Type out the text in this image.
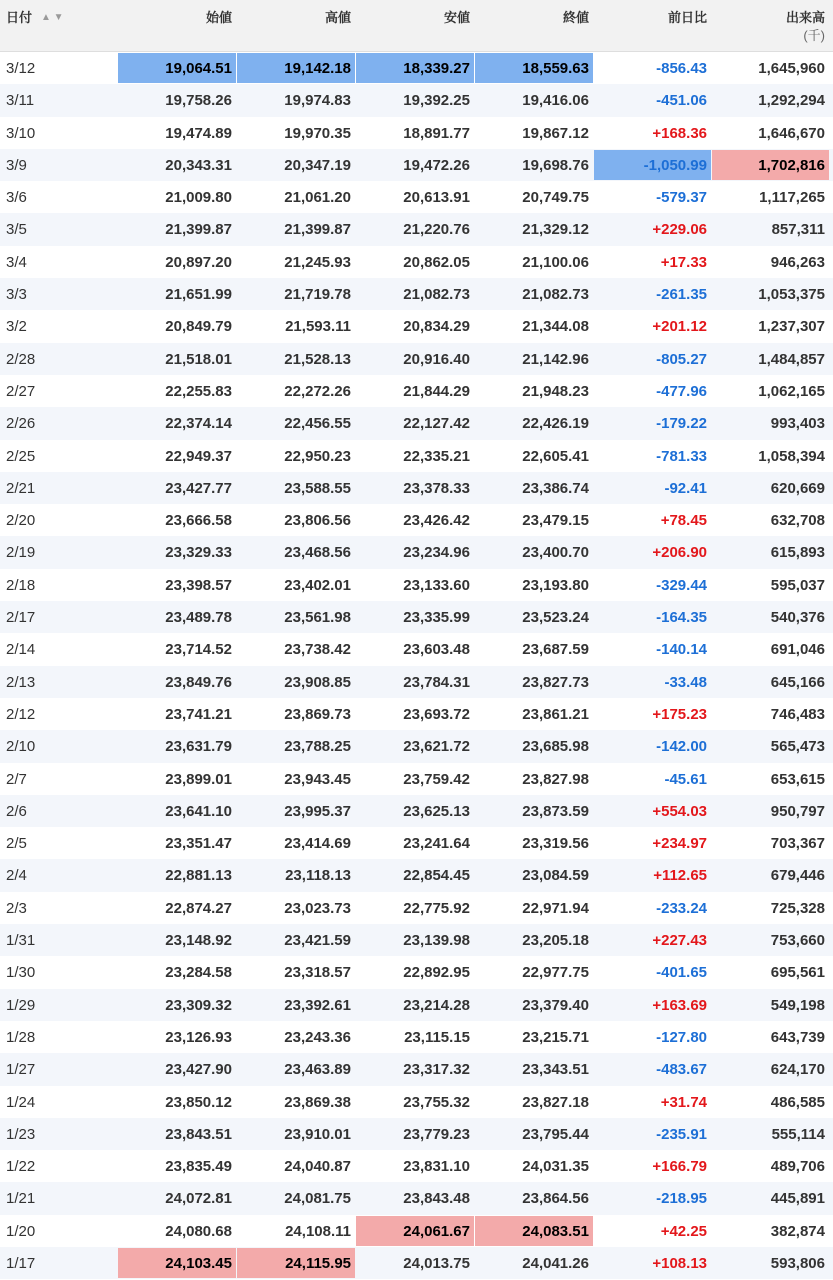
日付 ▲ ▼	始値	高値	安値	終値	前日比	出来高
(千)
3/12	19,064.51	19,142.18	18,339.27	18,559.63	-856.43	1,645,960
3/11	19,758.26	19,974.83	19,392.25	19,416.06	-451.06	1,292,294
3/10	19,474.89	19,970.35	18,891.77	19,867.12	+168.36	1,646,670
3/9	20,343.31	20,347.19	19,472.26	19,698.76	-1,050.99	1,702,816
3/6	21,009.80	21,061.20	20,613.91	20,749.75	-579.37	1,117,265
3/5	21,399.87	21,399.87	21,220.76	21,329.12	+229.06	857,311
3/4	20,897.20	21,245.93	20,862.05	21,100.06	+17.33	946,263
3/3	21,651.99	21,719.78	21,082.73	21,082.73	-261.35	1,053,375
3/2	20,849.79	21,593.11	20,834.29	21,344.08	+201.12	1,237,307
2/28	21,518.01	21,528.13	20,916.40	21,142.96	-805.27	1,484,857
2/27	22,255.83	22,272.26	21,844.29	21,948.23	-477.96	1,062,165
2/26	22,374.14	22,456.55	22,127.42	22,426.19	-179.22	993,403
2/25	22,949.37	22,950.23	22,335.21	22,605.41	-781.33	1,058,394
2/21	23,427.77	23,588.55	23,378.33	23,386.74	-92.41	620,669
2/20	23,666.58	23,806.56	23,426.42	23,479.15	+78.45	632,708
2/19	23,329.33	23,468.56	23,234.96	23,400.70	+206.90	615,893
2/18	23,398.57	23,402.01	23,133.60	23,193.80	-329.44	595,037
2/17	23,489.78	23,561.98	23,335.99	23,523.24	-164.35	540,376
2/14	23,714.52	23,738.42	23,603.48	23,687.59	-140.14	691,046
2/13	23,849.76	23,908.85	23,784.31	23,827.73	-33.48	645,166
2/12	23,741.21	23,869.73	23,693.72	23,861.21	+175.23	746,483
2/10	23,631.79	23,788.25	23,621.72	23,685.98	-142.00	565,473
2/7	23,899.01	23,943.45	23,759.42	23,827.98	-45.61	653,615
2/6	23,641.10	23,995.37	23,625.13	23,873.59	+554.03	950,797
2/5	23,351.47	23,414.69	23,241.64	23,319.56	+234.97	703,367
2/4	22,881.13	23,118.13	22,854.45	23,084.59	+112.65	679,446
2/3	22,874.27	23,023.73	22,775.92	22,971.94	-233.24	725,328
1/31	23,148.92	23,421.59	23,139.98	23,205.18	+227.43	753,660
1/30	23,284.58	23,318.57	22,892.95	22,977.75	-401.65	695,561
1/29	23,309.32	23,392.61	23,214.28	23,379.40	+163.69	549,198
1/28	23,126.93	23,243.36	23,115.15	23,215.71	-127.80	643,739
1/27	23,427.90	23,463.89	23,317.32	23,343.51	-483.67	624,170
1/24	23,850.12	23,869.38	23,755.32	23,827.18	+31.74	486,585
1/23	23,843.51	23,910.01	23,779.23	23,795.44	-235.91	555,114
1/22	23,835.49	24,040.87	23,831.10	24,031.35	+166.79	489,706
1/21	24,072.81	24,081.75	23,843.48	23,864.56	-218.95	445,891
1/20	24,080.68	24,108.11	24,061.67	24,083.51	+42.25	382,874
1/17	24,103.45	24,115.95	24,013.75	24,041.26	+108.13	593,806
